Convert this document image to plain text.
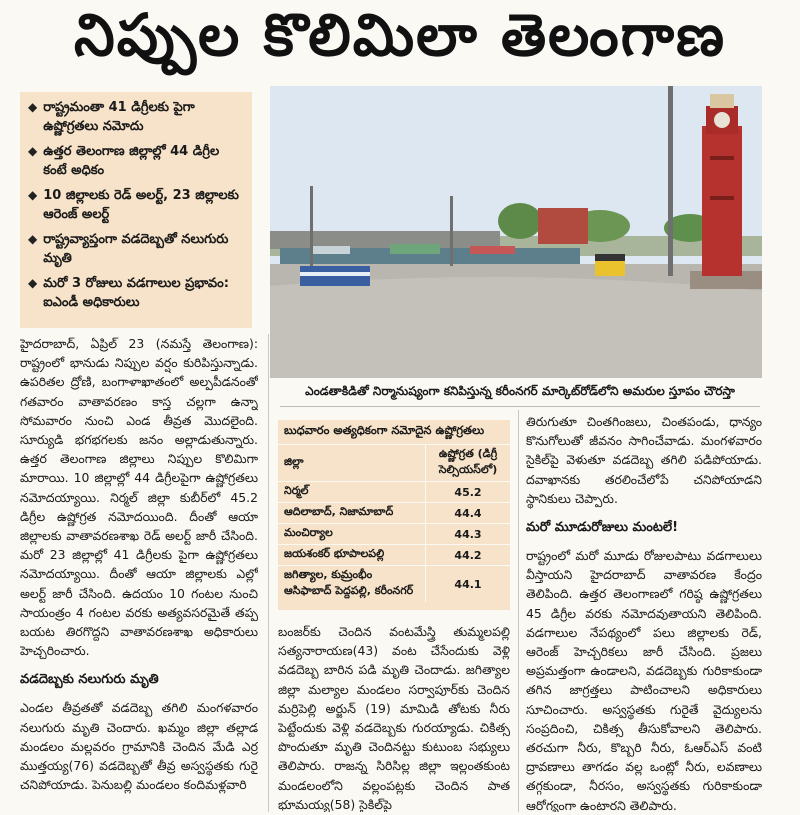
నిప్పుల కొలిమిలా తెలంగాణ
◆ రాష్ట్రమంతా 41 డిగ్రీలకు పైగా ఉష్ణోగ్రతలు నమోదు
◆ ఉత్తర తెలంగాణ జిల్లాల్లో 44 డిగ్రీల కంటే అధికం
◆ 10 జిల్లాలకు రెడ్ అలర్ట్, 23 జిల్లాలకు ఆరెంజ్ అలర్ట్
◆ రాష్ట్రవ్యాప్తంగా వడదెబ్బతో నలుగురు మృతి
◆ మరో 3 రోజులు వడగాలుల ప్రభావం: ఐఎండీ అధికారులు
ఎండతాకిడితో నిర్మానుష్యంగా కనిపిస్తున్న కరీంనగర్ మార్కెట్‌రోడ్‌లోని అమరుల స్తూపం చౌరస్తా
హైదరాబాద్, ఏప్రిల్ 23 (నమస్తే తెలంగాణ): రాష్ట్రంలో భానుడు నిప్పుల వర్షం కురిపిస్తున్నాడు. ఉపరితల ద్రోణి, బంగాళాఖాతంలో అల్పపీడనంతో గతవారం వాతావరణం కాస్త చల్లగా ఉన్నా సోమవారం నుంచి ఎండ తీవ్రత మొదలైంది. సూర్యుడి భగభగలకు జనం అల్లాడుతున్నారు. ఉత్తర తెలంగాణ జిల్లాలు నిప్పుల కొలిమిగా మారాయి. 10 జిల్లాల్లో 44 డిగ్రీలపైగా ఉష్ణోగ్రతలు నమోదయ్యాయి. నిర్మల్ జిల్లా కుబీర్‌లో 45.2 డిగ్రీల ఉష్ణోగ్రత నమోదయింది. దీంతో ఆయా జిల్లాలకు వాతావరణశాఖ రెడ్ అలర్ట్ జారీ చేసింది. మరో 23 జిల్లాల్లో 41 డిగ్రీలకు పైగా ఉష్ణోగ్రతలు నమోదయ్యాయి. దీంతో ఆయా జిల్లాలకు ఎల్లో అలర్ట్ జారీ చేసింది. ఉదయం 10 గంటల నుంచి సాయంత్రం 4 గంటల వరకు అత్యవసరమైతే తప్ప బయట తిరగొద్దని వాతావరణశాఖ అధికారులు హెచ్చరించారు.
వడదెబ్బకు నలుగురు మృతి
ఎండల తీవ్రతతో వడదెబ్బ తగిలి మంగళవారం నలుగురు మృతి చెందారు. ఖమ్మం జిల్లా తల్లాడ మండలం మల్లవరం గ్రామానికి చెందిన మేడి ఎర్ర ముత్తయ్య(76) వడదెబ్బతో తీవ్ర అస్వస్థతకు గురై చనిపోయాడు. పెనుబల్లి మండలం కందిమళ్లవారి
బుధవారం అత్యధికంగా నమోదైన ఉష్ణోగ్రతలు
జిల్లా	ఉష్ణోగ్రత (డిగ్రీ సెల్సియస్‌లో)
నిర్మల్	45.2
ఆదిలాబాద్, నిజామాబాద్	44.4
మంచిర్యాల	44.3
జయశంకర్ భూపాలపల్లి	44.2
జగిత్యాల, కుమ్రంభీం ఆసిఫాబాద్ పెద్దపల్లి, కరీంనగర్	44.1
బంజర్‌కు చెందిన వంటమేస్త్రి తుమ్మలపల్లి సత్యనారాయణ(43) వంట చేసేందుకు వెళ్లి వడదెబ్బ బారిన పడి మృతి చెందాడు. జగిత్యాల జిల్లా మల్యాల మండలం సర్వాపూర్‌కు చెందిన మర్రిపెల్లి అర్జున్ (19) మామిడి తోటకు నీరు పెట్టేందుకు వెళ్లి వడదెబ్బకు గురయ్యాడు. చికిత్స పొందుతూ మృతి చెందినట్టు కుటుంబ సభ్యులు తెలిపారు. రాజన్న సిరిసిల్ల జిల్లా ఇల్లంతకుంట మండలంలోని వల్లంపట్లకు చెందిన పాత భూమయ్య(58) సైకిల్‌పై
తిరుగుతూ చింతగింజలు, చింతపండు, ధాన్యం కొనుగోలుతో జీవనం సాగించేవాడు. మంగళవారం సైకిల్‌పై వెళుతూ వడదెబ్బ తగిలి పడిపోయాడు. దవాఖానకు తరలించేలోపే చనిపోయాడని స్థానికులు చెప్పారు.
మరో మూడురోజులు మంటలే!
రాష్ట్రంలో మరో మూడు రోజులపాటు వడగాలులు వీస్తాయని హైదరాబాద్ వాతావరణ కేంద్రం తెలిపింది. ఉత్తర తెలంగాణలో గరిష్ఠ ఉష్ణోగ్రతలు 45 డిగ్రీల వరకు నమోదవుతాయని తెలిపింది. వడగాలుల నేపథ్యంలో పలు జిల్లాలకు రెడ్, ఆరెంజ్ హెచ్చరికలు జారీ చేసింది. ప్రజలు అప్రమత్తంగా ఉండాలని, వడదెబ్బకు గురికాకుండా తగిన జాగ్రత్తలు పాటించాలని అధికారులు సూచించారు. అస్వస్థతకు గురైతే వైద్యులను సంప్రదించి, చికిత్స తీసుకోవాలని తెలిపారు. తరచుగా నీరు, కొబ్బరి నీరు, ఓఆర్ఎస్ వంటి ద్రావణాలు తాగడం వల్ల ఒంట్లో నీరు, లవణాలు తగ్గకుండా, నీరసం, అస్వస్థతకు గురికాకుండా ఆరోగ్యంగా ఉంటారని తెలిపారు.
